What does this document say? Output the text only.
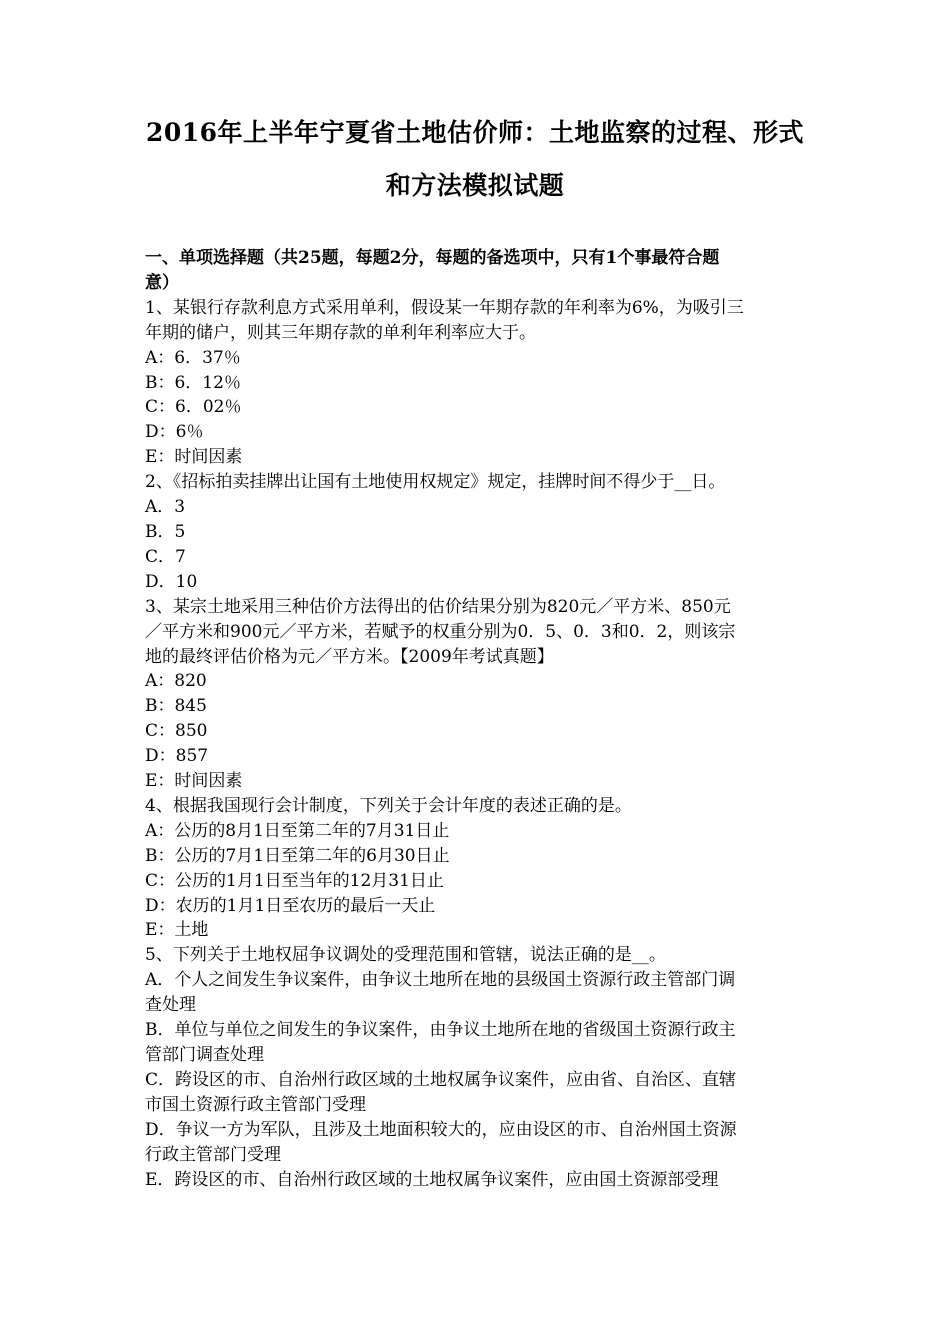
2016年上半年宁夏省土地估价师：土地监察的过程、形式
和方法模拟试题

一、单项选择题（共25题，每题2分，每题的备选项中，只有1个事最符合题

意）

1、某银行存款利息方式采用单利，假设某一年期存款的年利率为6%，为吸引三

年期的储户，则其三年期存款的单利年利率应大于。

A：6．37％

B：6．12％

C：6．02％

D：6％

E：时间因素

2、《招标拍卖挂牌出让国有土地使用权规定》规定，挂牌时间不得少于__日。

A．3

B．5

C．7

D．10

3、某宗土地采用三种估价方法得出的估价结果分别为820元／平方米、850元

／平方米和900元／平方米，若赋予的权重分别为0．5、0．3和0．2，则该宗

地的最终评估价格为元／平方米。【2009年考试真题】

A：820

B：845

C：850

D：857

E：时间因素

4、根据我国现行会计制度，下列关于会计年度的表述正确的是。

A：公历的8月1日至第二年的7月31日止

B：公历的7月1日至第二年的6月30日止

C：公历的1月1日至当年的12月31日止

D：农历的1月1日至农历的最后一天止

E：土地

5、下列关于土地权屈争议调处的受理范围和管辖，说法正确的是__。

A．个人之间发生争议案件，由争议土地所在地的县级国土资源行政主管部门调

查处理

B．单位与单位之间发生的争议案件，由争议土地所在地的省级国土资源行政主

管部门调查处理

C．跨设区的市、自治州行政区域的土地权属争议案件，应由省、自治区、直辖

市国土资源行政主管部门受理

D．争议一方为军队，且涉及土地面积较大的，应由设区的市、自治州国土资源

行政主管部门受理

E．跨设区的市、自治州行政区域的土地权属争议案件，应由国土资源部受理
